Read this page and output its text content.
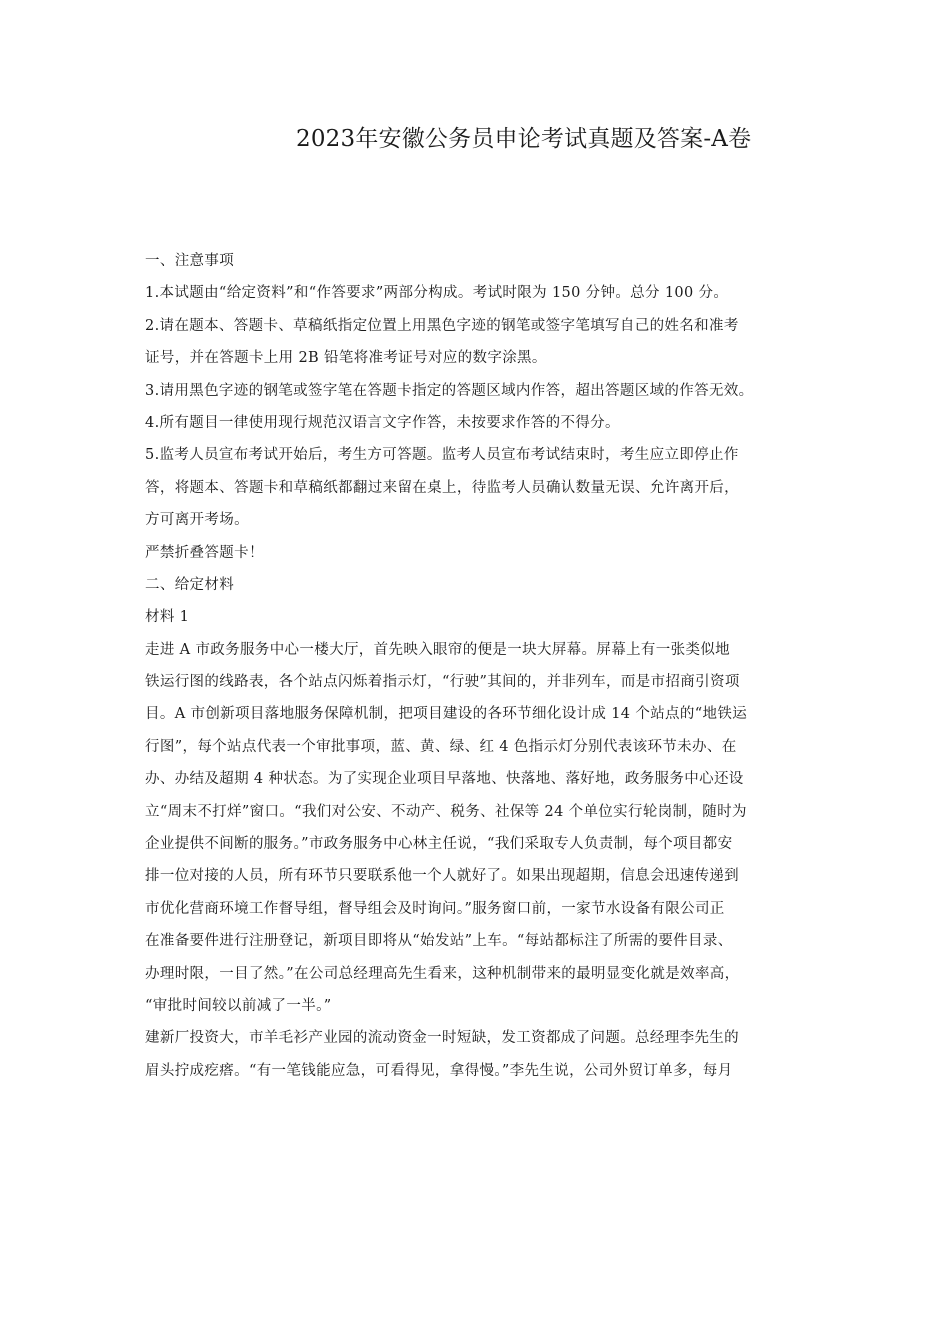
2023年安徽公务员申论考试真题及答案-A卷
一、注意事项
1.本试题由“给定资料”和“作答要求”两部分构成。考试时限为 150 分钟。总分 100 分。
2.请在题本、答题卡、草稿纸指定位置上用黑色字迹的钢笔或签字笔填写自己的姓名和准考
证号，并在答题卡上用 2B 铅笔将准考证号对应的数字涂黑。
3.请用黑色字迹的钢笔或签字笔在答题卡指定的答题区域内作答，超出答题区域的作答无效。
4.所有题目一律使用现行规范汉语言文字作答，未按要求作答的不得分。
5.监考人员宣布考试开始后，考生方可答题。监考人员宣布考试结束时，考生应立即停止作
答，将题本、答题卡和草稿纸都翻过来留在桌上，待监考人员确认数量无误、允许离开后，
方可离开考场。
严禁折叠答题卡！
二、给定材料
材料 1
走进 A 市政务服务中心一楼大厅，首先映入眼帘的便是一块大屏幕。屏幕上有一张类似地
铁运行图的线路表，各个站点闪烁着指示灯，“行驶”其间的，并非列车，而是市招商引资项
目。A 市创新项目落地服务保障机制，把项目建设的各环节细化设计成 14 个站点的“地铁运
行图”，每个站点代表一个审批事项，蓝、黄、绿、红 4 色指示灯分别代表该环节未办、在
办、办结及超期 4 种状态。为了实现企业项目早落地、快落地、落好地，政务服务中心还设
立“周末不打烊”窗口。“我们对公安、不动产、税务、社保等 24 个单位实行轮岗制，随时为
企业提供不间断的服务。”市政务服务中心林主任说，“我们采取专人负责制，每个项目都安
排一位对接的人员，所有环节只要联系他一个人就好了。如果出现超期，信息会迅速传递到
市优化营商环境工作督导组，督导组会及时询问。”服务窗口前，一家节水设备有限公司正
在准备要件进行注册登记，新项目即将从“始发站”上车。“每站都标注了所需的要件目录、
办理时限，一目了然。”在公司总经理高先生看来，这种机制带来的最明显变化就是效率高，
“审批时间较以前减了一半。”
建新厂投资大，市羊毛衫产业园的流动资金一时短缺，发工资都成了问题。总经理李先生的
眉头拧成疙瘩。“有一笔钱能应急，可看得见，拿得慢。”李先生说，公司外贸订单多，每月
